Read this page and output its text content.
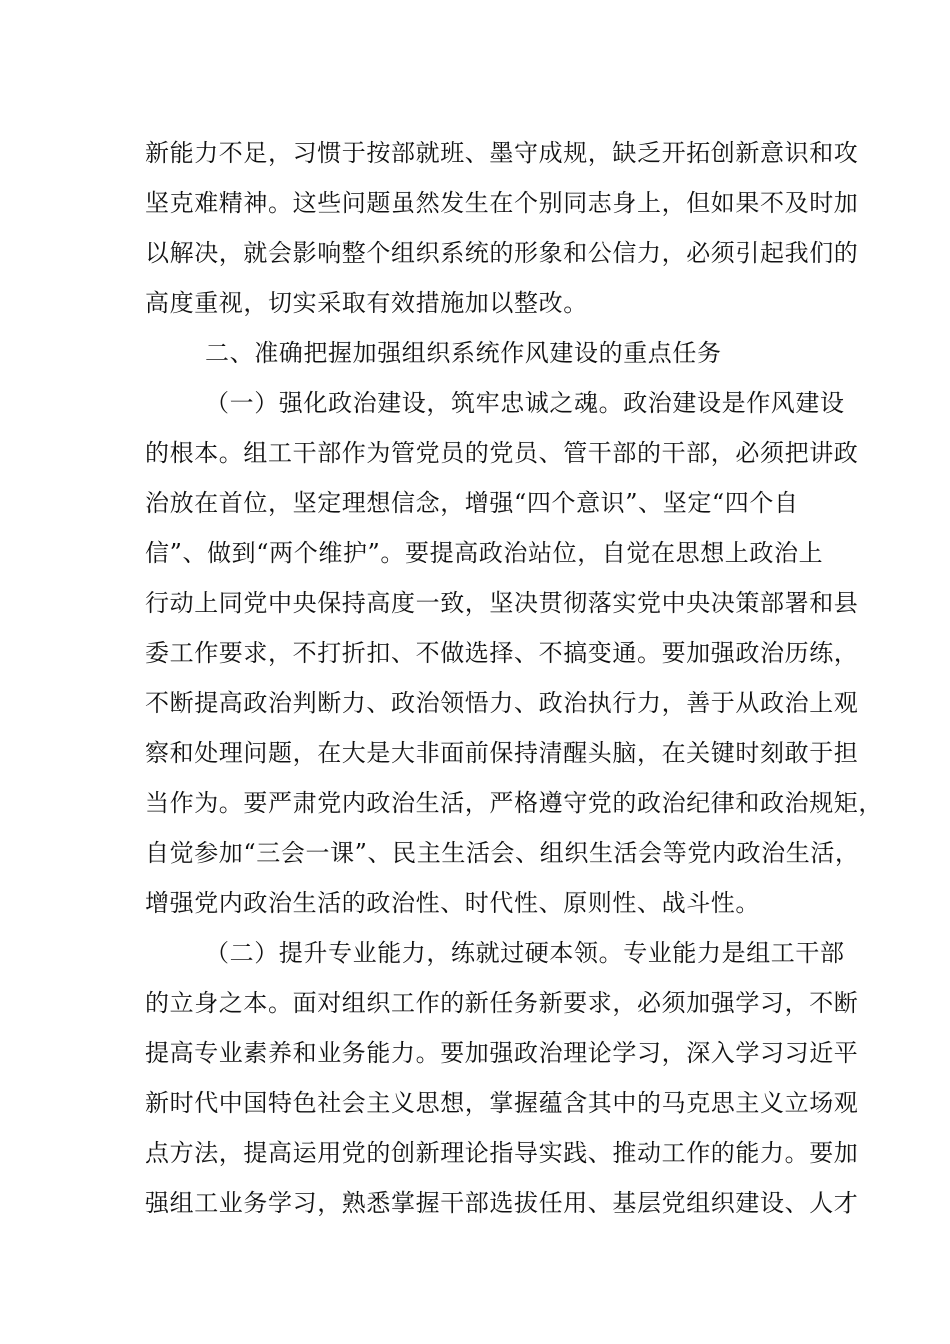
新能力不足，习惯于按部就班、墨守成规，缺乏开拓创新意识和攻
坚克难精神。这些问题虽然发生在个别同志身上，但如果不及时加
以解决，就会影响整个组织系统的形象和公信力，必须引起我们的
高度重视，切实采取有效措施加以整改。
二、准确把握加强组织系统作风建设的重点任务
（一）强化政治建设，筑牢忠诚之魂。政治建设是作风建设
的根本。组工干部作为管党员的党员、管干部的干部，必须把讲政
治放在首位，坚定理想信念，增强“四个意识”、坚定“四个自
信”、做到“两个维护”。要提高政治站位，自觉在思想上政治上
行动上同党中央保持高度一致，坚决贯彻落实党中央决策部署和县
委工作要求，不打折扣、不做选择、不搞变通。要加强政治历练，
不断提高政治判断力、政治领悟力、政治执行力，善于从政治上观
察和处理问题，在大是大非面前保持清醒头脑，在关键时刻敢于担
当作为。要严肃党内政治生活，严格遵守党的政治纪律和政治规矩，
自觉参加“三会一课”、民主生活会、组织生活会等党内政治生活，
增强党内政治生活的政治性、时代性、原则性、战斗性。
（二）提升专业能力，练就过硬本领。专业能力是组工干部
的立身之本。面对组织工作的新任务新要求，必须加强学习，不断
提高专业素养和业务能力。要加强政治理论学习，深入学习习近平
新时代中国特色社会主义思想，掌握蕴含其中的马克思主义立场观
点方法，提高运用党的创新理论指导实践、推动工作的能力。要加
强组工业务学习，熟悉掌握干部选拔任用、基层党组织建设、人才
